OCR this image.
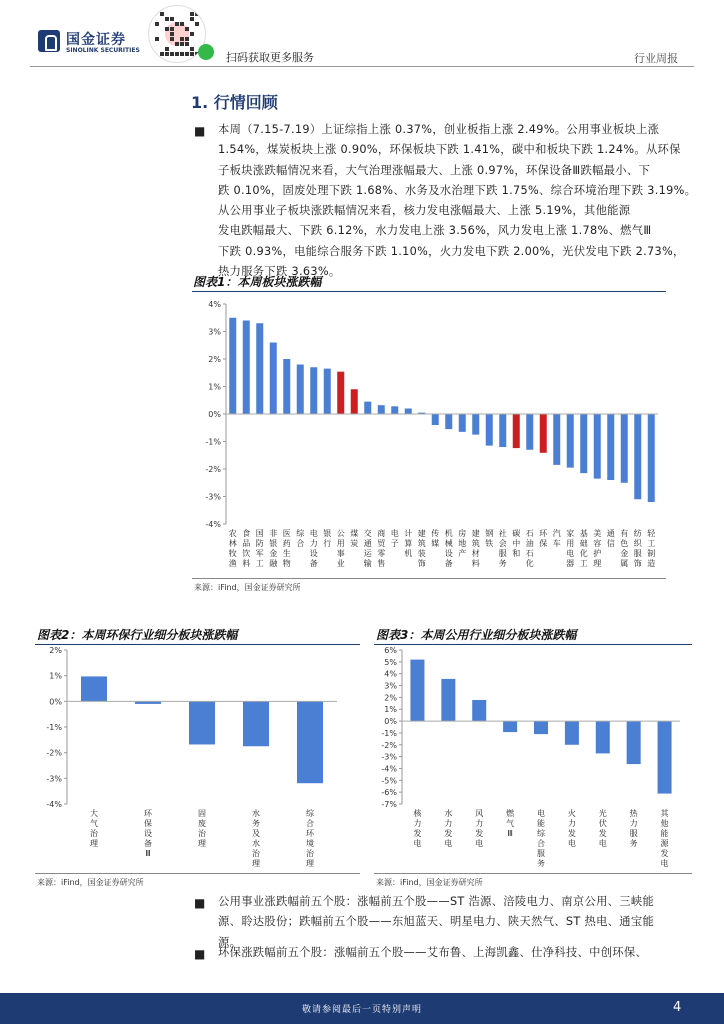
国金证券
SINOLINK SECURITIES
扫码获取更多服务	行业周报
1. 行情回顾
■ 本周（7.15-7.19）上证综指上涨 0.37%，创业板指上涨 2.49%。公用事业板块上涨
1.54%，煤炭板块上涨 0.90%，环保板块下跌 1.41%，碳中和板块下跌 1.24%。从环保
子板块涨跌幅情况来看，大气治理涨幅最大、上涨 0.97%，环保设备Ⅲ跌幅最小、下
跌 0.10%，固废处理下跌 1.68%、水务及水治理下跌 1.75%、综合环境治理下跌 3.19%。
从公用事业子板块涨跌幅情况来看，核力发电涨幅最大、上涨 5.19%，其他能源
发电跌幅最大、下跌 6.12%，水力发电上涨 3.56%，风力发电上涨 1.78%、燃气Ⅲ
下跌 0.93%，电能综合服务下跌 1.10%，火力发电下跌 2.00%，光伏发电下跌 2.73%，
热力服务下跌 3.63%。
图表1：本周板块涨跌幅
4%
3%
2%
1%
0%
-1%
-2%
-3%
-4%
农
林
牧
渔
食
品
饮
料
国
防
军
工
非
银
金
融
医
药
生
物
综
合
电
力
设
备
银
行
公
用
事
业
煤
炭
交
通
运
输
商
贸
零
售
电
子
计
算
机
建
筑
装
饰
传
媒
机
械
设
备
房
地
产
建
筑
材
料
钢
铁
社
会
服
务
碳
中
和
石
油
石
化
环
保
汽
车
家
用
电
器
基
础
化
工
美
容
护
理
通
信
有
色
金
属
纺
织
服
饰
轻
工
制
造
来源：iFind，国金证券研究所
图表2：本周环保行业细分板块涨跌幅
2%
1%
0%
-1%
-2%
-3%
-4%
大
气
治
理
环
保
设
备
Ⅲ
固
废
治
理
水
务
及
水
治
理
综
合
环
境
治
理
来源：iFind，国金证券研究所
图表3：本周公用行业细分板块涨跌幅
6%
5%
4%
3%
2%
1%
0%
-1%
-2%
-3%
-4%
-5%
-6%
-7%
核
力
发
电
水
力
发
电
风
力
发
电
燃
气
Ⅲ
电
能
综
合
服
务
火
力
发
电
光
伏
发
电
热
力
服
务
其
他
能
源
发
电
来源：iFind，国金证券研究所
■ 公用事业涨跌幅前五个股：涨幅前五个股——ST 浩源、涪陵电力、南京公用、三峡能
源、聆达股份；跌幅前五个股——东旭蓝天、明星电力、陕天然气、ST 热电、通宝能
源。
■ 环保涨跌幅前五个股：涨幅前五个股——艾布鲁、上海凯鑫、仕净科技、中创环保、
敬请参阅最后一页特别声明	4
